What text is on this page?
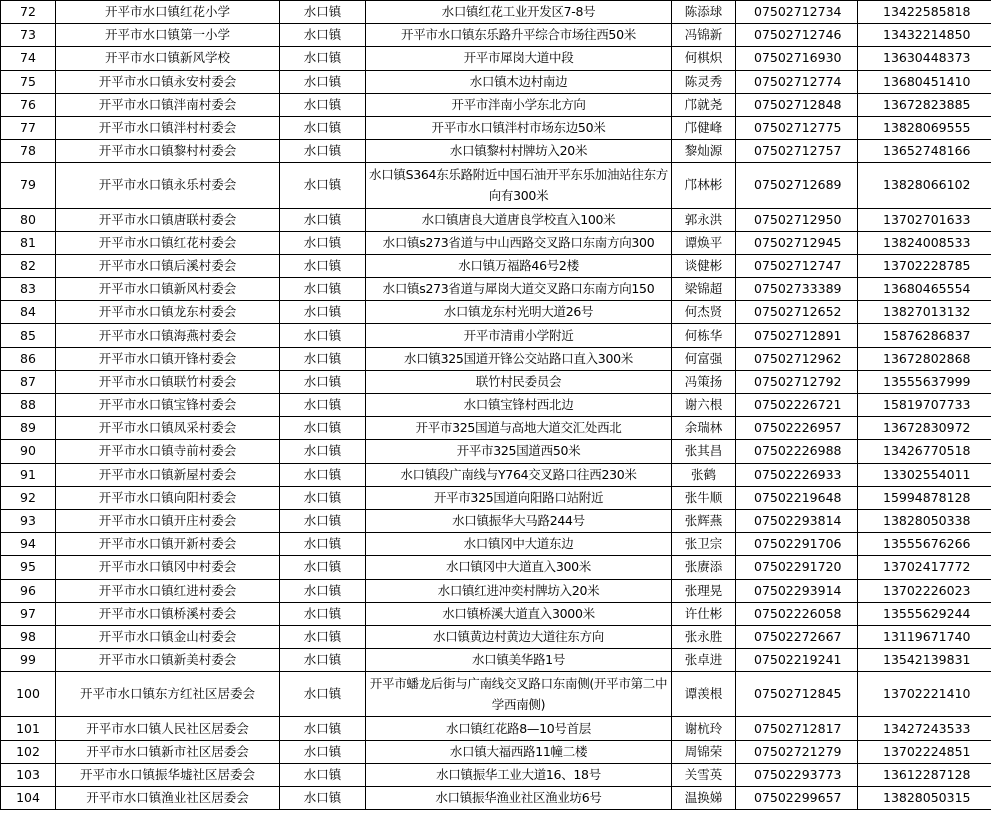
72	开平市水口镇红花小学	水口镇	水口镇红花工业开发区7-8号	陈添球	07502712734	13422585818
73	开平市水口镇第一小学	水口镇	开平市水口镇东乐路升平综合市场往西50米	冯锦新	07502712746	13432214850
74	开平市水口镇新风学校	水口镇	开平市犀岗大道中段	何棋炽	07502716930	13630448373
75	开平市水口镇永安村委会	水口镇	水口镇木边村南边	陈灵秀	07502712774	13680451410
76	开平市水口镇泮南村委会	水口镇	开平市泮南小学东北方向	邝就尧	07502712848	13672823885
77	开平市水口镇泮村村委会	水口镇	开平市水口镇泮村市场东边50米	邝健峰	07502712775	13828069555
78	开平市水口镇黎村村委会	水口镇	水口镇黎村村牌坊入20米	黎灿源	07502712757	13652748166
79	开平市水口镇永乐村委会	水口镇	水口镇S364东乐路附近中国石油开平东乐加油站往东方向有300米	邝林彬	07502712689	13828066102
80	开平市水口镇唐联村委会	水口镇	水口镇唐良大道唐良学校直入100米	郭永洪	07502712950	13702701633
81	开平市水口镇红花村委会	水口镇	水口镇s273省道与中山西路交叉路口东南方向300	谭焕平	07502712945	13824008533
82	开平市水口镇后溪村委会	水口镇	水口镇万福路46号2楼	谈健彬	07502712747	13702228785
83	开平市水口镇新风村委会	水口镇	水口镇s273省道与犀岗大道交叉路口东南方向150	梁锦超	07502733389	13680465554
84	开平市水口镇龙东村委会	水口镇	水口镇龙东村光明大道26号	何杰贤	07502712652	13827013132
85	开平市水口镇海燕村委会	水口镇	开平市清甫小学附近	何栋华	07502712891	15876286837
86	开平市水口镇开锋村委会	水口镇	水口镇325国道开锋公交站路口直入300米	何富强	07502712962	13672802868
87	开平市水口镇联竹村委会	水口镇	联竹村民委员会	冯策扬	07502712792	13555637999
88	开平市水口镇宝锋村委会	水口镇	水口镇宝锋村西北边	谢六根	07502226721	15819707733
89	开平市水口镇凤采村委会	水口镇	开平市325国道与高地大道交汇处西北	余瑞林	07502226957	13672830972
90	开平市水口镇寺前村委会	水口镇	开平市325国道西50米	张其昌	07502226988	13426770518
91	开平市水口镇新屋村委会	水口镇	水口镇段广南线与Y764交叉路口往西230米	张鹤	07502226933	13302554011
92	开平市水口镇向阳村委会	水口镇	开平市325国道向阳路口站附近	张牛顺	07502219648	15994878128
93	开平市水口镇开庄村委会	水口镇	水口镇振华大马路244号	张辉燕	07502293814	13828050338
94	开平市水口镇开新村委会	水口镇	水口镇冈中大道东边	张卫宗	07502291706	13555676266
95	开平市水口镇冈中村委会	水口镇	水口镇冈中大道直入300米	张赓添	07502291720	13702417772
96	开平市水口镇红进村委会	水口镇	水口镇红进冲奕村牌坊入20米	张理晃	07502293914	13702226023
97	开平市水口镇桥溪村委会	水口镇	水口镇桥溪大道直入3000米	许仕彬	07502226058	13555629244
98	开平市水口镇金山村委会	水口镇	水口镇黄边村黄边大道往东方向	张永胜	07502272667	13119671740
99	开平市水口镇新美村委会	水口镇	水口镇美华路1号	张卓进	07502219241	13542139831
100	开平市水口镇东方红社区居委会	水口镇	开平市蟠龙后街与广南线交叉路口东南侧(开平市第二中学西南侧)	谭羡根	07502712845	13702221410
101	开平市水口镇人民社区居委会	水口镇	水口镇红花路8—10号首层	谢杭玲	07502712817	13427243533
102	开平市水口镇新市社区居委会	水口镇	水口镇大福西路11幢二楼	周锦荣	07502721279	13702224851
103	开平市水口镇振华墟社区居委会	水口镇	水口镇振华工业大道16、18号	关雪英	07502293773	13612287128
104	开平市水口镇渔业社区居委会	水口镇	水口镇振华渔业社区渔业坊6号	温换娣	07502299657	13828050315
